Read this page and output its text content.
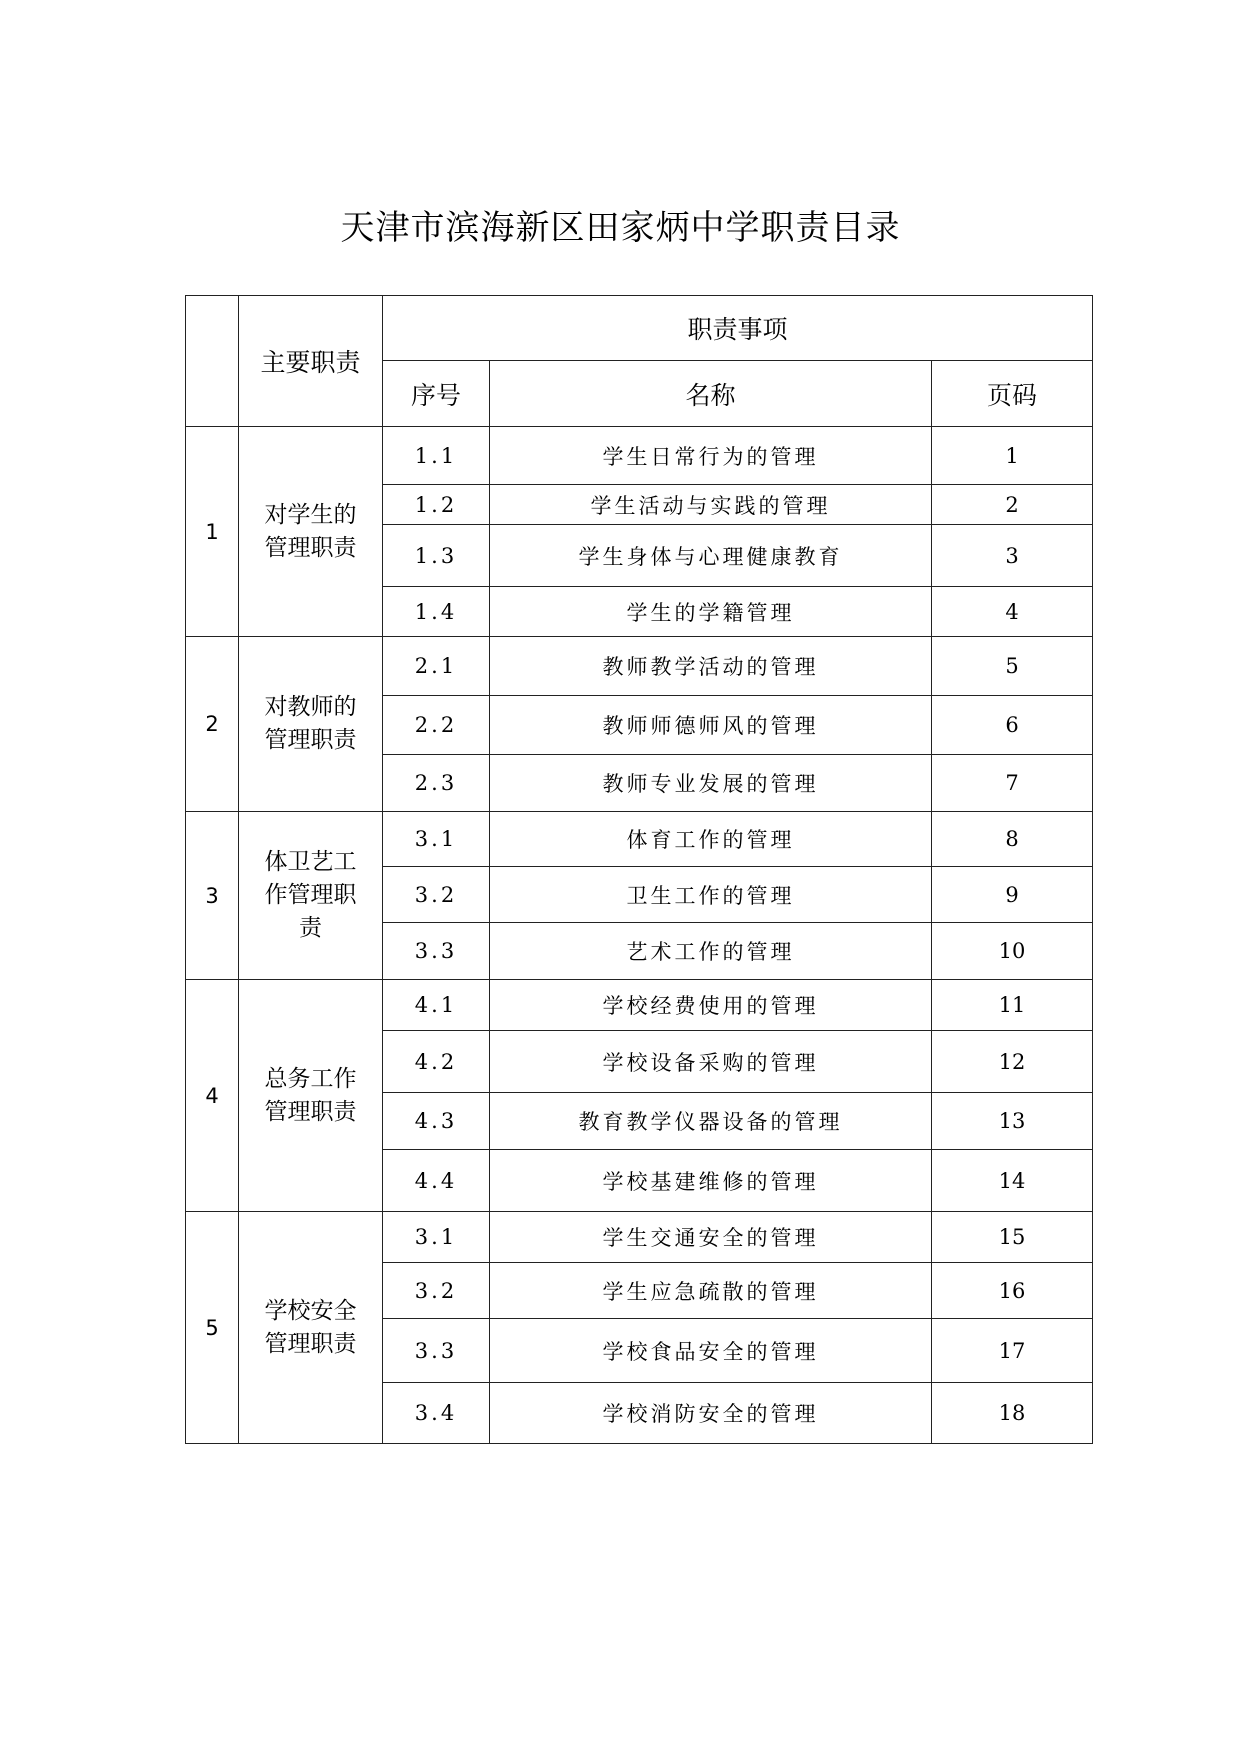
天津市滨海新区田家炳中学职责目录
	主要职责	职责事项		
		序号	名称	页码
1	对学生的管理职责	1.1	学生日常行为的管理	1
		1.2	学生活动与实践的管理	2
		1.3	学生身体与心理健康教育	3
		1.4	学生的学籍管理	4
2	对教师的管理职责	2.1	教师教学活动的管理	5
		2.2	教师师德师风的管理	6
		2.3	教师专业发展的管理	7
3	体卫艺工作管理职责	3.1	体育工作的管理	8
		3.2	卫生工作的管理	9
		3.3	艺术工作的管理	10
4	总务工作管理职责	4.1	学校经费使用的管理	11
		4.2	学校设备采购的管理	12
		4.3	教育教学仪器设备的管理	13
		4.4	学校基建维修的管理	14
5	学校安全管理职责	3.1	学生交通安全的管理	15
		3.2	学生应急疏散的管理	16
		3.3	学校食品安全的管理	17
		3.4	学校消防安全的管理	18
